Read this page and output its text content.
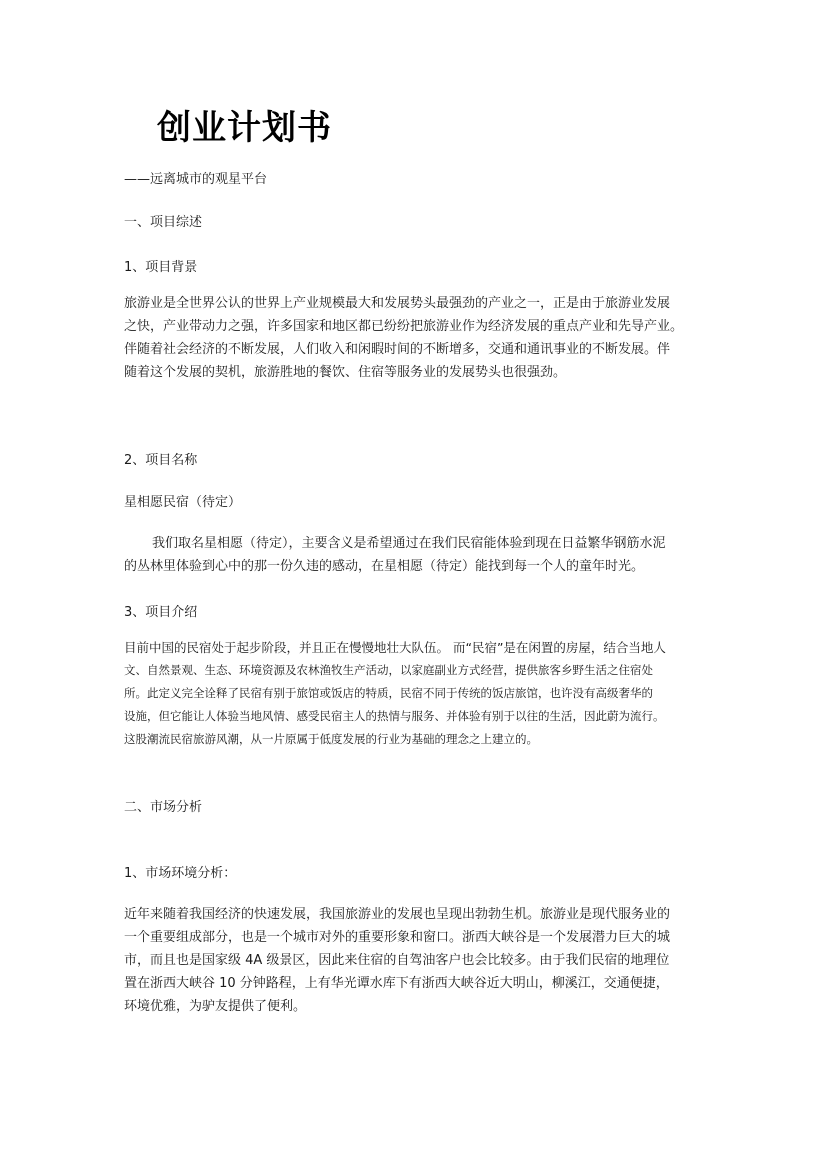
创业计划书
——远离城市的观星平台
一、项目综述
1、项目背景
旅游业是全世界公认的世界上产业规模最大和发展势头最强劲的产业之一，正是由于旅游业发展
之快，产业带动力之强，许多国家和地区都已纷纷把旅游业作为经济发展的重点产业和先导产业。
伴随着社会经济的不断发展，人们收入和闲暇时间的不断增多，交通和通讯事业的不断发展。伴
随着这个发展的契机，旅游胜地的餐饮、住宿等服务业的发展势头也很强劲。
2、项目名称
星相愿民宿（待定）
我们取名星相愿（待定），主要含义是希望通过在我们民宿能体验到现在日益繁华钢筋水泥
的丛林里体验到心中的那一份久违的感动，在星相愿（待定）能找到每一个人的童年时光。
3、项目介绍
目前中国的民宿处于起步阶段，并且正在慢慢地壮大队伍。 而“民宿”是在闲置的房屋，结合当地人
文、自然景观、生态、环境资源及农林渔牧生产活动，以家庭副业方式经营，提供旅客乡野生活之住宿处
所。此定义完全诠释了民宿有别于旅馆或饭店的特质，民宿不同于传统的饭店旅馆，也许没有高级奢华的
设施，但它能让人体验当地风情、感受民宿主人的热情与服务、并体验有别于以往的生活，因此蔚为流行。
这股潮流民宿旅游风潮，从一片原属于低度发展的行业为基础的理念之上建立的。
二、市场分析
1、市场环境分析：
近年来随着我国经济的快速发展，我国旅游业的发展也呈现出勃勃生机。旅游业是现代服务业的
一个重要组成部分，也是一个城市对外的重要形象和窗口。浙西大峡谷是一个发展潜力巨大的城
市，而且也是国家级 4A 级景区，因此来住宿的自驾油客户也会比较多。由于我们民宿的地理位
置在浙西大峡谷 10 分钟路程，上有华光谭水库下有浙西大峡谷近大明山，柳溪江，交通便捷，
环境优雅，为驴友提供了便利。
